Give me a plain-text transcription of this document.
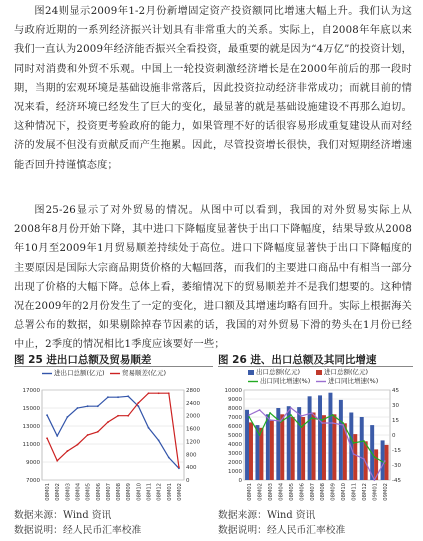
图24则显示2009年1-2月份新增固定资产投资额同比增速大幅上升。我们认为这与政府近期的一系列经济振兴计划具有非常重大的关系。实际上，自2008年年底以来我们一直认为2009年经济能否振兴全看投资，最重要的就是因为“4万亿”的投资计划，同时对消费和外贸不乐观。中国上一轮投资刺激经济增长是在2000年前后的那一段时期，当期的宏观环境是基础设施非常落后，因此投资拉动经济非常成功；而就目前的情况来看，经济环境已经发生了巨大的变化，最显著的就是基础设施建设不再那么迫切。这种情况下，投资更考验政府的能力，如果管理不好的话很容易形成重复建设从而对经济的发展不但没有贡献反而产生拖累。因此，尽管投资增长很快，我们对短期经济增速能否回升持谨慎态度；

图25-26显示了对外贸易的情况。从图中可以看到，我国的对外贸易实际上从2008年8月份开始下降，其中进口下降幅度显著快于出口下降幅度，结果导致从2008年10月至2009年1月贸易顺差持续处于高位。进口下降幅度显著快于出口下降幅度的主要原因是国际大宗商品期货价格的大幅回落，而我们的主要进口商品中有相当一部分出现了价格的大幅下降。总体上看，萎缩情况下的贸易顺差并不是我们想要的。这种情况在2009年的2月份发生了一定的变化，进口额及其增速均略有回升。实际上根据海关总署公布的数据，如果剔除掉春节因素的话，我国的对外贸易下滑的势头在1月份已经中止，2季度的情况相比1季度应该要好一些；

图 25 进出口总额及贸易顺差	图 26 进、出口总额及其同比增速
7000
9000
11000
13000
15000
17000
0
400
800
1200
1600
2000
2400
2800
08M01 08M02 08M03 08M04 08M05 08M06 08M07 08M08 08M09 08M10 08M11 08M12 09M01 09M02
进出口总额(亿元)	贸易顺差(亿元)
0
1000
2000
3000
4000
5000
6000
7000
8000
9000
10000	45
30
15
0
-15
-30
-45
08M01 08M02 08M03 08M04 08M05 08M06 08M07 08M08 08M09 08M10 08M11 08M12 09M01 09M02
出口总额(亿元)	进口总额(亿元)
出口同比增速(%)	进口同比增速(%)
数据来源：Wind 资讯
数据说明：经人民币汇率校准
数据来源：Wind 资讯
数据说明：经人民币汇率校准
